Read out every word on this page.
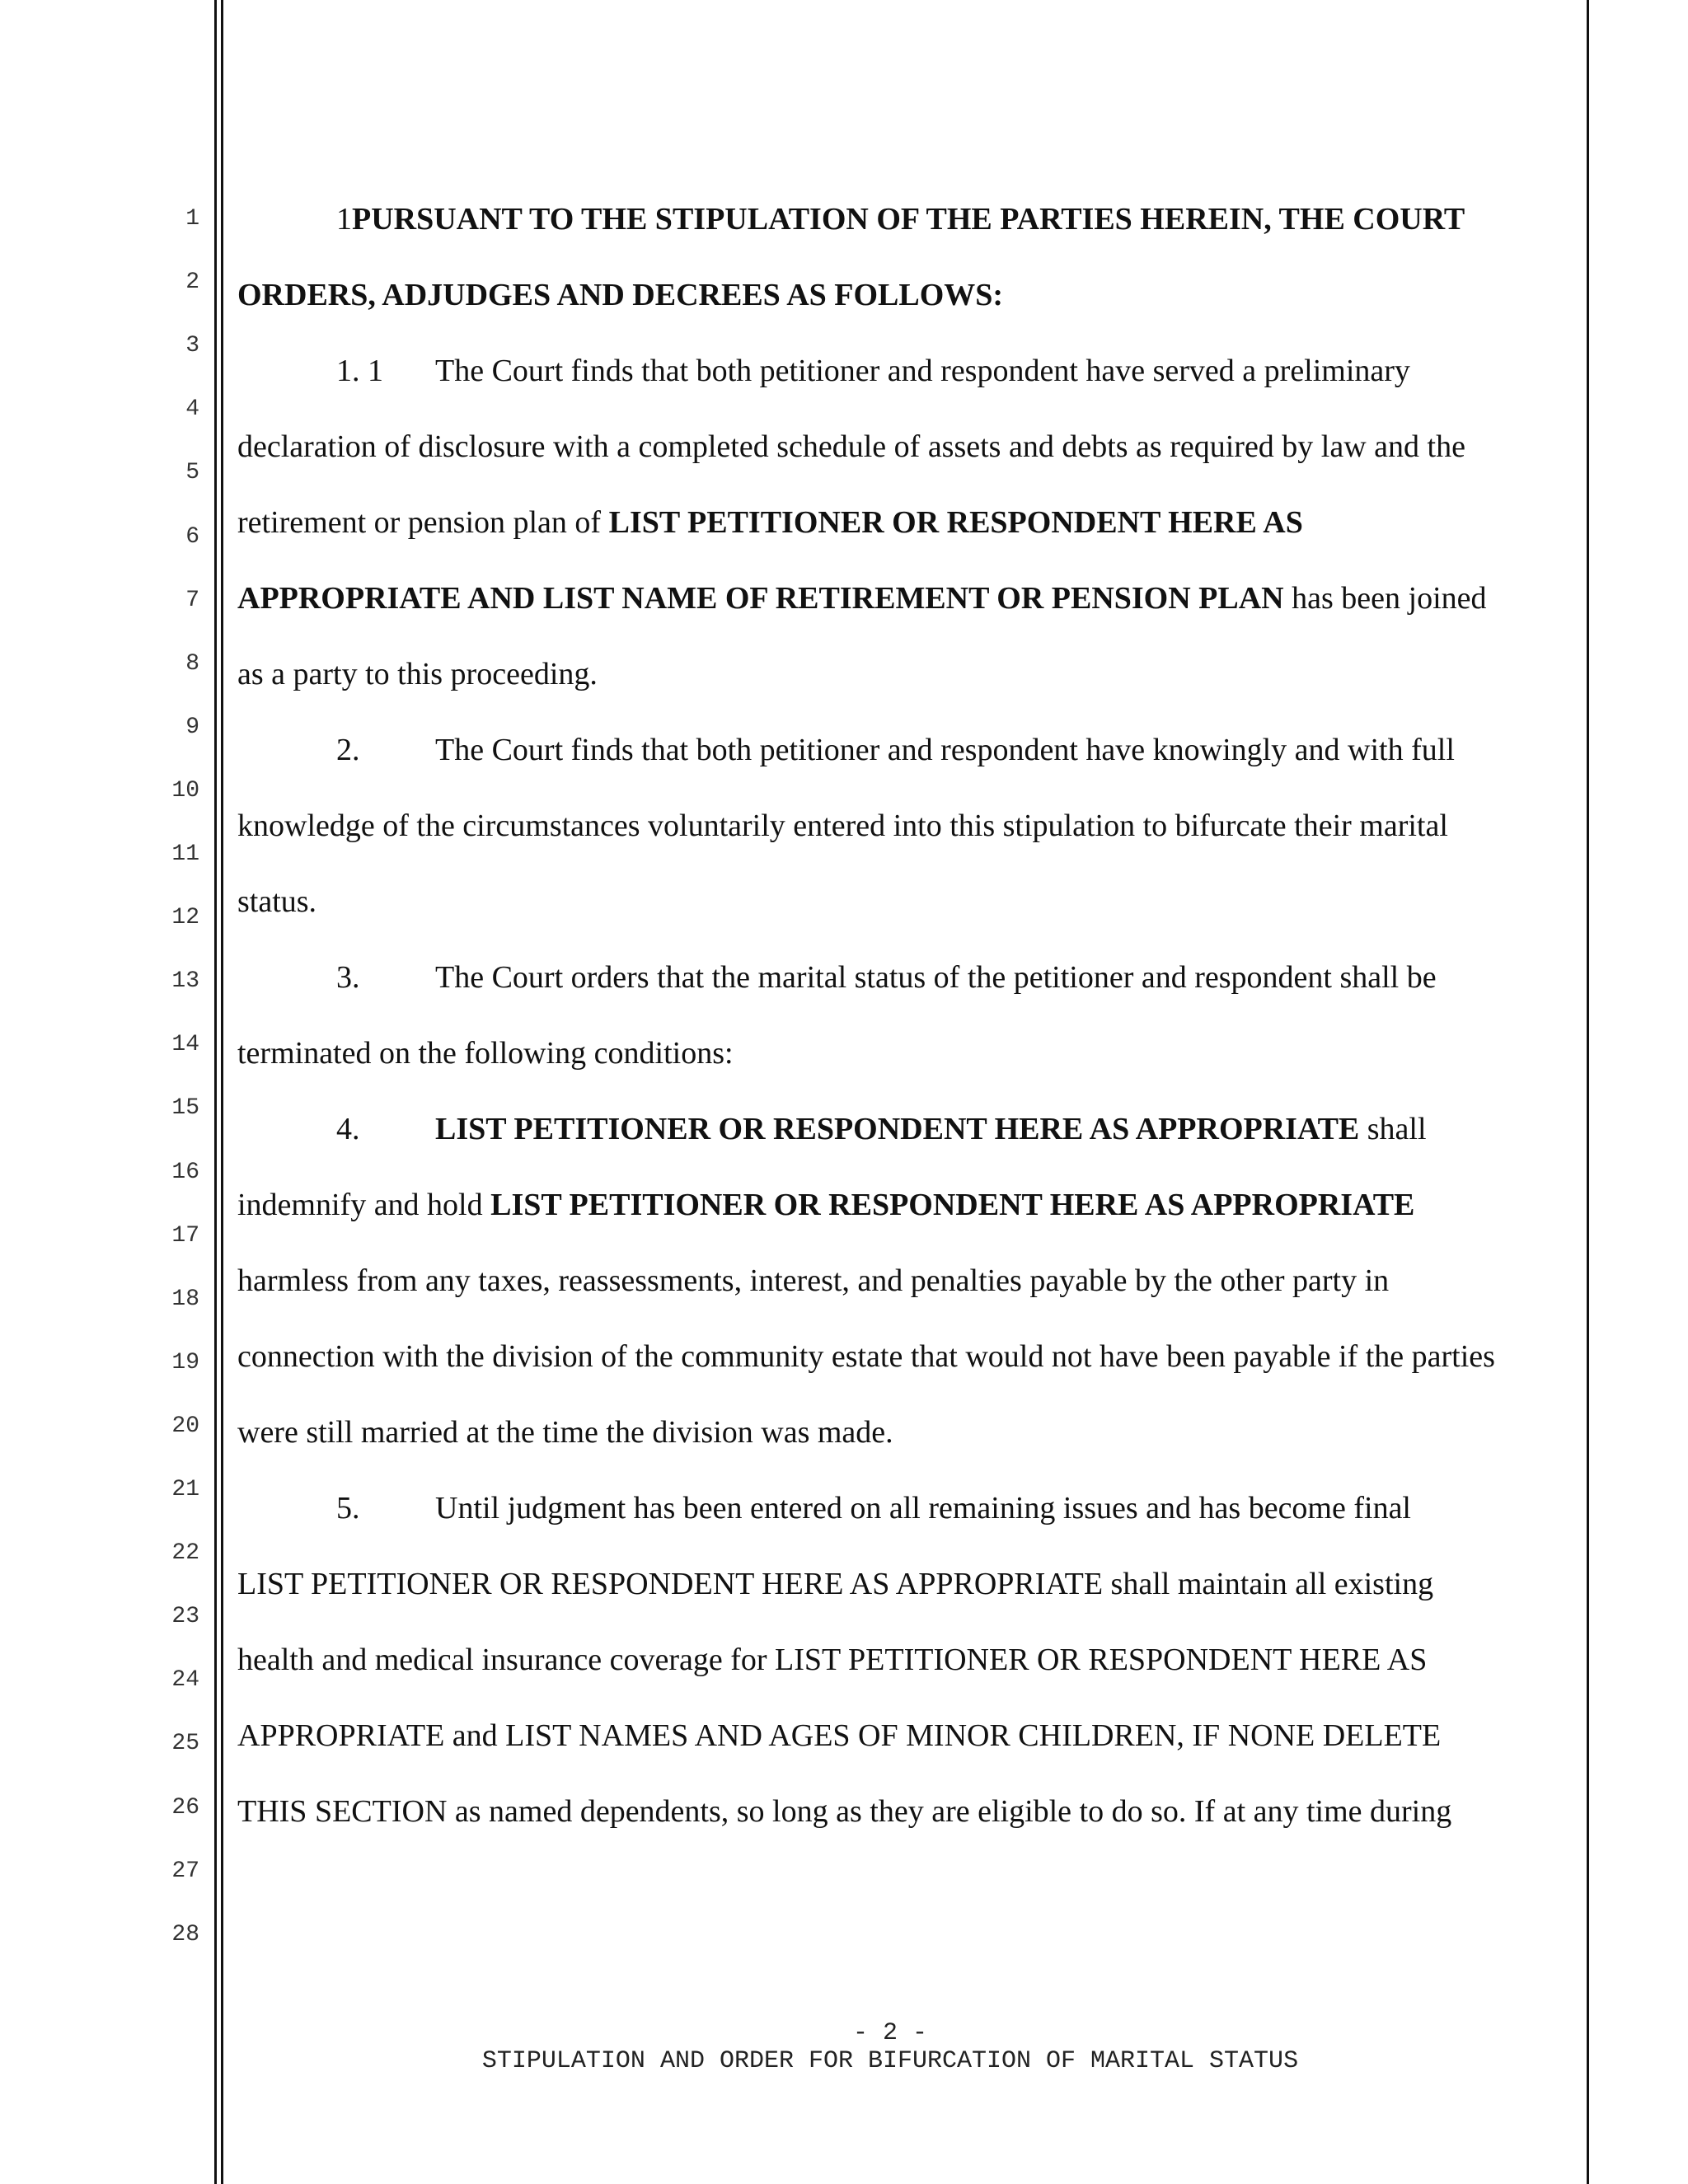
1
2
3
4
5
6
7
8
9
10
11
12
13
14
15
16
17
18
19
20
21
22
23
24
25
26
27
28
1PURSUANT TO THE STIPULATION OF THE PARTIES HEREIN, THE COURT
ORDERS, ADJUDGES AND DECREES AS FOLLOWS:
1. 1 The Court finds that both petitioner and respondent have served a preliminary
declaration of disclosure with a completed schedule of assets and debts as required by law and the
retirement or pension plan of LIST PETITIONER OR RESPONDENT HERE AS
APPROPRIATE AND LIST NAME OF RETIREMENT OR PENSION PLAN has been joined
as a party to this proceeding.
2. The Court finds that both petitioner and respondent have knowingly and with full
knowledge of the circumstances voluntarily entered into this stipulation to bifurcate their marital
status.
3. The Court orders that the marital status of the petitioner and respondent shall be
terminated on the following conditions:
4. LIST PETITIONER OR RESPONDENT HERE AS APPROPRIATE shall
indemnify and hold LIST PETITIONER OR RESPONDENT HERE AS APPROPRIATE
harmless from any taxes, reassessments, interest, and penalties payable by the other party in
connection with the division of the community estate that would not have been payable if the parties
were still married at the time the division was made.
5. Until judgment has been entered on all remaining issues and has become final
LIST PETITIONER OR RESPONDENT HERE AS APPROPRIATE shall maintain all existing
health and medical insurance coverage for LIST PETITIONER OR RESPONDENT HERE AS
APPROPRIATE and LIST NAMES AND AGES OF MINOR CHILDREN, IF NONE DELETE
THIS SECTION as named dependents, so long as they are eligible to do so. If at any time during
- 2 -
STIPULATION AND ORDER FOR BIFURCATION OF MARITAL STATUS
